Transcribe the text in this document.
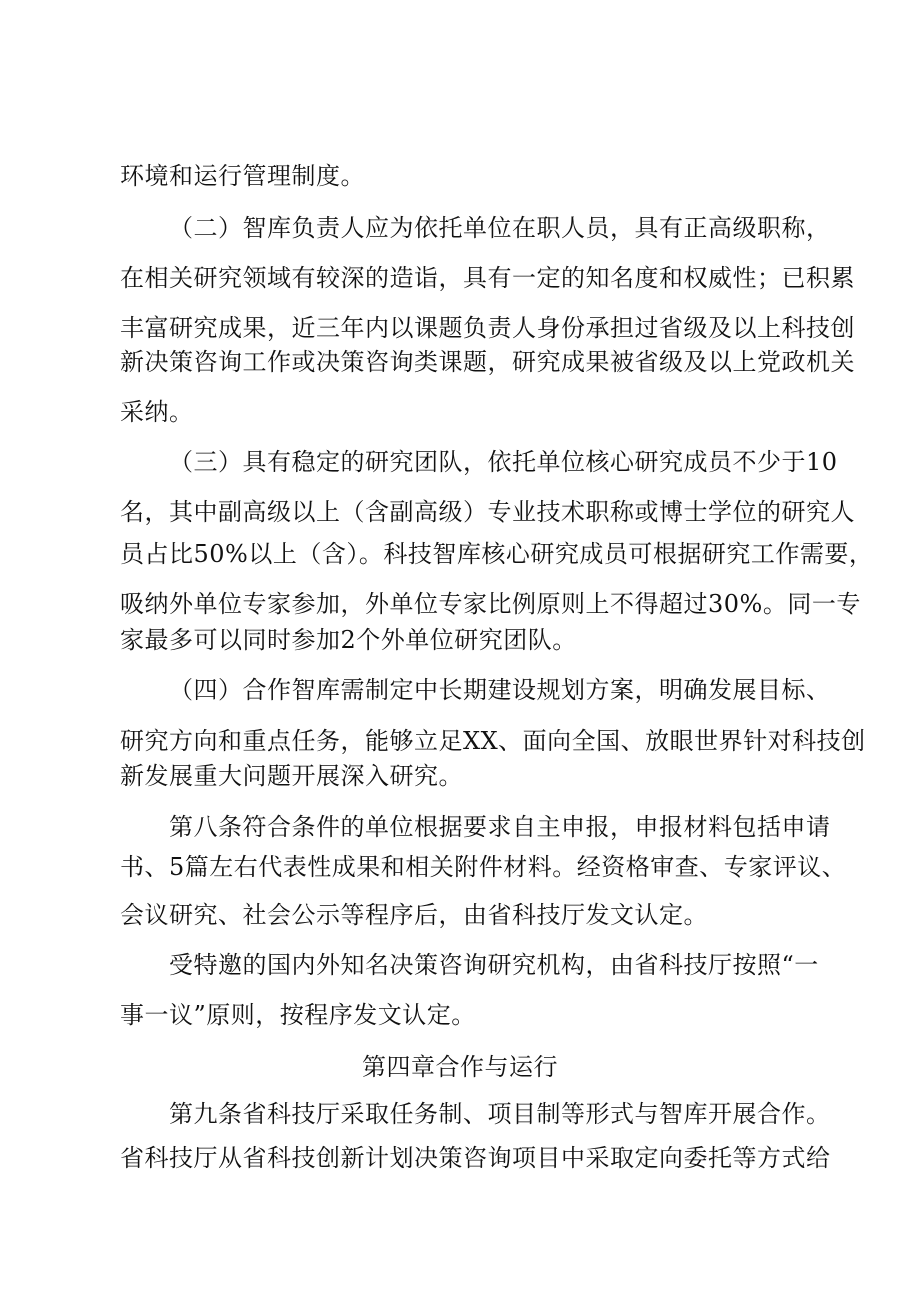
环境和运行管理制度。
（二）智库负责人应为依托单位在职人员，具有正高级职称，
在相关研究领域有较深的造诣，具有一定的知名度和权威性；已积累
丰富研究成果，近三年内以课题负责人身份承担过省级及以上科技创
新决策咨询工作或决策咨询类课题，研究成果被省级及以上党政机关
采纳。
（三）具有稳定的研究团队，依托单位核心研究成员不少于10
名，其中副高级以上（含副高级）专业技术职称或博士学位的研究人
员占比50%以上（含）。科技智库核心研究成员可根据研究工作需要，
吸纳外单位专家参加，外单位专家比例原则上不得超过30%。同一专
家最多可以同时参加2个外单位研究团队。
（四）合作智库需制定中长期建设规划方案，明确发展目标、
研究方向和重点任务，能够立足XX、面向全国、放眼世界针对科技创
新发展重大问题开展深入研究。
第八条符合条件的单位根据要求自主申报，申报材料包括申请
书、5篇左右代表性成果和相关附件材料。经资格审查、专家评议、
会议研究、社会公示等程序后，由省科技厅发文认定。
受特邀的国内外知名决策咨询研究机构，由省科技厅按照“一
事一议”原则，按程序发文认定。
第四章合作与运行
第九条省科技厅采取任务制、项目制等形式与智库开展合作。
省科技厅从省科技创新计划决策咨询项目中采取定向委托等方式给
